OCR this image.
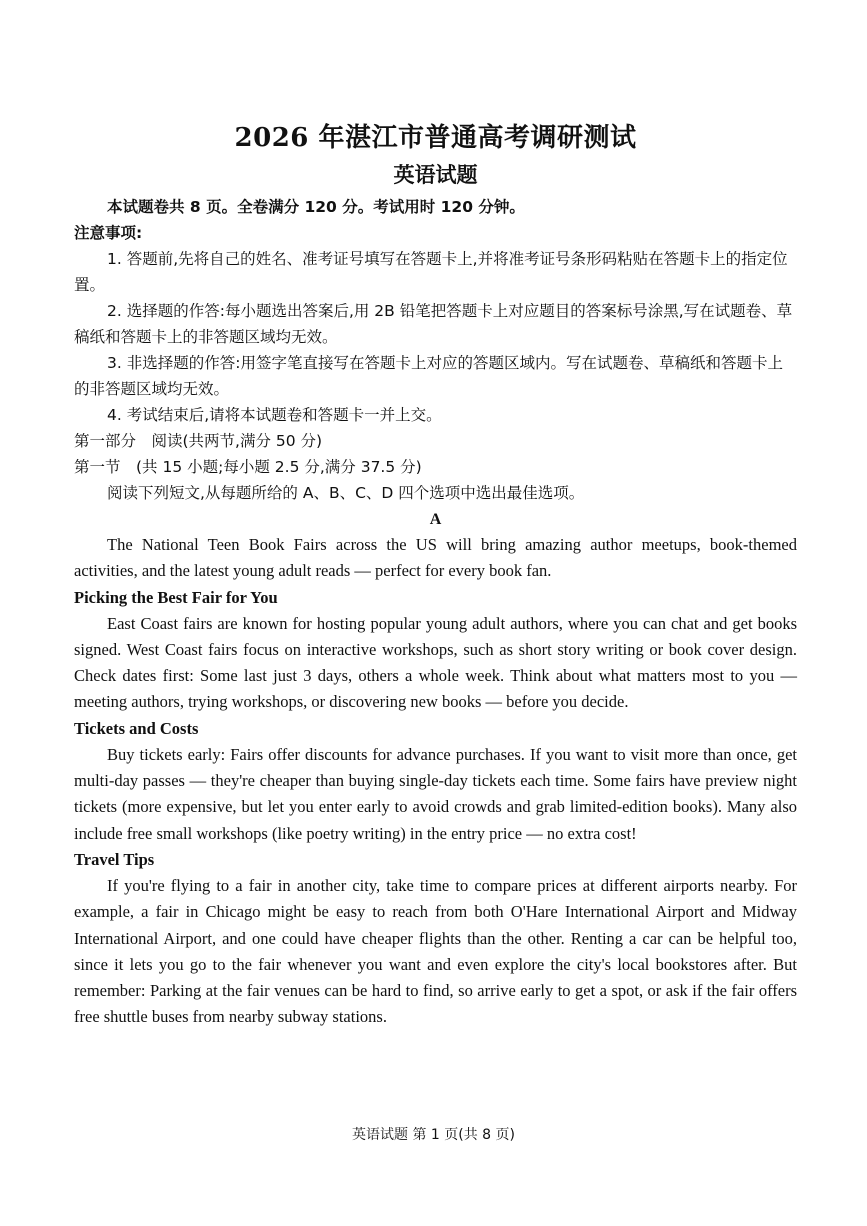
2026 年湛江市普通高考调研测试
英语试题

本试题卷共 8 页。全卷满分 120 分。考试用时 120 分钟。

注意事项:

1. 答题前,先将自己的姓名、准考证号填写在答题卡上,并将准考证号条形码粘贴在答题卡上的指定位置。

2. 选择题的作答:每小题选出答案后,用 2B 铅笔把答题卡上对应题目的答案标号涂黑,写在试题卷、草稿纸和答题卡上的非答题区域均无效。

3. 非选择题的作答:用签字笔直接写在答题卡上对应的答题区域内。写在试题卷、草稿纸和答题卡上的非答题区域均无效。

4. 考试结束后,请将本试题卷和答题卡一并上交。

第一部分　阅读(共两节,满分 50 分)

第一节　(共 15 小题;每小题 2.5 分,满分 37.5 分)

阅读下列短文,从每题所给的 A、B、C、D 四个选项中选出最佳选项。

A

The National Teen Book Fairs across the US will bring amazing author meetups, book-themed activities, and the latest young adult reads — perfect for every book fan.

Picking the Best Fair for You

East Coast fairs are known for hosting popular young adult authors, where you can chat and get books signed. West Coast fairs focus on interactive workshops, such as short story writing or book cover design. Check dates first: Some last just 3 days, others a whole week. Think about what matters most to you — meeting authors, trying workshops, or discovering new books — before you decide.

Tickets and Costs

Buy tickets early: Fairs offer discounts for advance purchases. If you want to visit more than once, get multi-day passes — they're cheaper than buying single-day tickets each time. Some fairs have preview night tickets (more expensive, but let you enter early to avoid crowds and grab limited-edition books). Many also include free small workshops (like poetry writing) in the entry price — no extra cost!

Travel Tips

If you're flying to a fair in another city, take time to compare prices at different airports nearby. For example, a fair in Chicago might be easy to reach from both O'Hare International Airport and Midway International Airport, and one could have cheaper flights than the other. Renting a car can be helpful too, since it lets you go to the fair whenever you want and even explore the city's local bookstores after. But remember: Parking at the fair venues can be hard to find, so arrive early to get a spot, or ask if the fair offers free shuttle buses from nearby subway stations.

英语试题 第 1 页(共 8 页)
